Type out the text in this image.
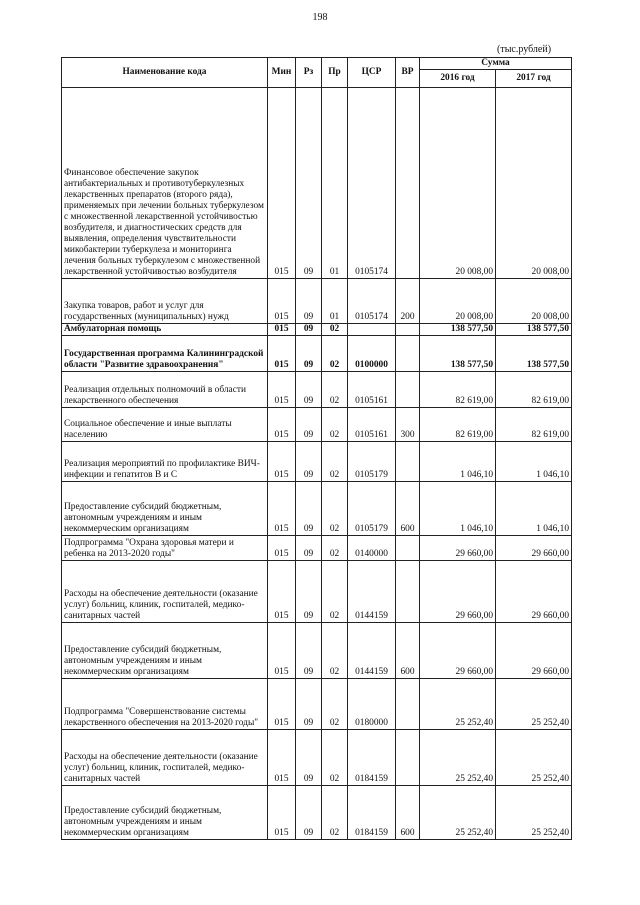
198
(тыс.рублей)
Наименование кода	Мин	Рз	Пр	ЦСР	ВР	Сумма	
						2016 год	2017 год
Финансовое обеспечение закупок антибактериальных и противотуберкулезных лекарственных препаратов (второго ряда), применяемых при лечении больных туберкулезом с множественной лекарственной устойчивостью возбудителя, и диагностических средств для выявления, определения чувствительности микобактерии туберкулеза и мониторинга лечения больных туберкулезом с множественной лекарственной устойчивостью возбудителя	015	09	01	0105174		20 008,00	20 008,00
Закупка товаров, работ и услуг для государственных (муниципальных) нужд	015	09	01	0105174	200	20 008,00	20 008,00
Амбулаторная помощь	015	09	02			138 577,50	138 577,50
Государственная программа Калининградской области "Развитие здравоохранения"	015	09	02	0100000		138 577,50	138 577,50
Реализация отдельных полномочий в области лекарственного обеспечения	015	09	02	0105161		82 619,00	82 619,00
Социальное обеспечение и иные выплаты населению	015	09	02	0105161	300	82 619,00	82 619,00
Реализация мероприятий по профилактике ВИЧ-инфекции и гепатитов В и С	015	09	02	0105179		1 046,10	1 046,10
Предоставление субсидий бюджетным, автономным учреждениям и иным некоммерческим организациям	015	09	02	0105179	600	1 046,10	1 046,10
Подпрограмма "Охрана здоровья матери и ребенка на 2013-2020 годы"	015	09	02	0140000		29 660,00	29 660,00
Расходы на обеспечение деятельности (оказание услуг) больниц, клиник, госпиталей, медико-санитарных частей	015	09	02	0144159		29 660,00	29 660,00
Предоставление субсидий бюджетным, автономным учреждениям и иным некоммерческим организациям	015	09	02	0144159	600	29 660,00	29 660,00
Подпрограмма "Совершенствование системы лекарственного обеспечения на 2013-2020 годы"	015	09	02	0180000		25 252,40	25 252,40
Расходы на обеспечение деятельности (оказание услуг) больниц, клиник, госпиталей, медико-санитарных частей	015	09	02	0184159		25 252,40	25 252,40
Предоставление субсидий бюджетным, автономным учреждениям и иным некоммерческим организациям	015	09	02	0184159	600	25 252,40	25 252,40
